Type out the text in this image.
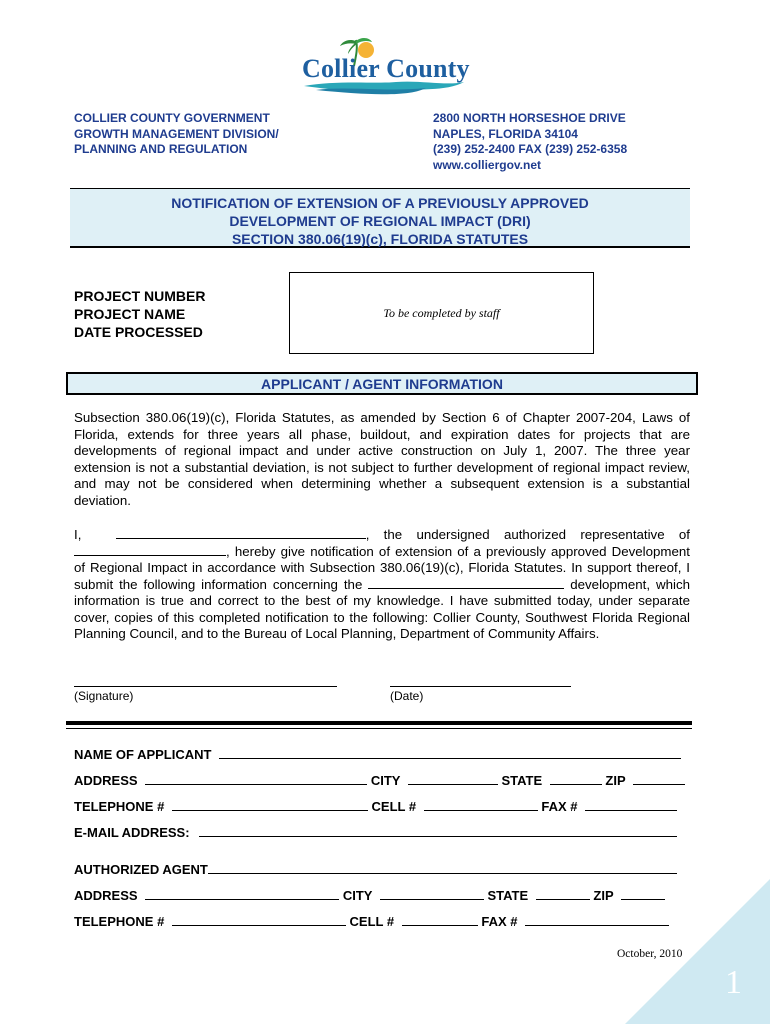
Collier County
COLLIER COUNTY GOVERNMENT
GROWTH MANAGEMENT DIVISION/
PLANNING AND REGULATION
2800 NORTH HORSESHOE DRIVE
NAPLES, FLORIDA 34104
(239) 252-2400 FAX (239) 252-6358
www.colliergov.net
NOTIFICATION OF EXTENSION OF A PREVIOUSLY APPROVED
DEVELOPMENT OF REGIONAL IMPACT (DRI)
SECTION 380.06(19)(c), FLORIDA STATUTES
PROJECT NUMBER
PROJECT NAME
DATE PROCESSED
To be completed by staff
APPLICANT / AGENT INFORMATION
Subsection 380.06(19)(c), Florida Statutes, as amended by Section 6 of Chapter 2007-204, Laws of Florida, extends for three years all phase, buildout, and expiration dates for projects that are developments of regional impact and under active construction on July 1, 2007. The three year extension is not a substantial deviation, is not subject to further development of regional impact review, and may not be considered when determining whether a subsequent extension is a substantial deviation.
I,	, the undersigned authorized representative of, hereby give notification of extension of a previously approved Development of Regional Impact in accordance with Subsection 380.06(19)(c), Florida Statutes. In support thereof, I submit the following information concerning the	development, which information is true and correct to the best of my knowledge. I have submitted today, under separate cover, copies of this completed notification to the following: Collier County, Southwest Florida Regional Planning Council, and to the Bureau of Local Planning, Department of Community Affairs.
(Signature)	(Date)
NAME OF APPLICANT
ADDRESS	CITY	STATE	ZIP
TELEPHONE #	CELL #	FAX #
E-MAIL ADDRESS:
AUTHORIZED AGENT
ADDRESS	CITY	STATE	ZIP
TELEPHONE #	CELL #	FAX #
October, 2010
1
